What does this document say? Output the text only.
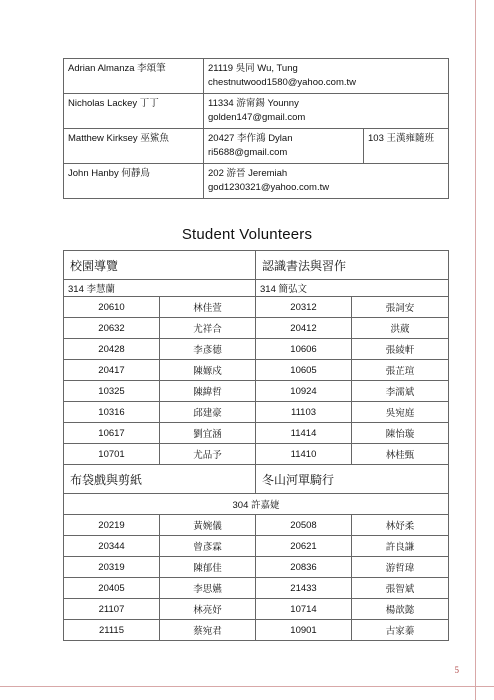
Adrian Almanza 李頌筆	21119 吳同 Wu, Tung
chestnutwood1580@yahoo.com.tw	

Nicholas Lackey 丁丁	11334 游甯錫 Younny
golden147@gmail.com	

Matthew Kirksey 巫鯊魚	20427 李作鴻 Dylan
ri5688@gmail.com	103 王漢雍隨班
John Hanby 何靜鳥	202 游晉 Jeremiah
god1230321@yahoo.com.tw	
Student Volunteers
校園導覽		認識書法與習作	
314 李慧蘭		314 簡弘文	
20610	林佳萱	20312	張詞安
20632	尤祥合	20412	洪葳
20428	李彥德	10606	張綾軒
20417	陳嫄戍	10605	張芷瑄
10325	陳緯哲	10924	李濡斌
10316	邱建豪	11103	吳宛庭
10617	劉宜涵	11414	陳怡璇
10701	尤品予	11410	林桂甄
布袋戲與剪紙		冬山河單騎行	
304 許嘉婕			
20219	黃婉儀	20508	林妤柔
20344	曾彥霖	20621	許良謙
20319	陳郁佳	20836	游哲瑋
20405	李思嬿	21433	張智斌
21107	林亮妤	10714	楊歆懿
21115	蔡宛君	10901	古家蓁
5
